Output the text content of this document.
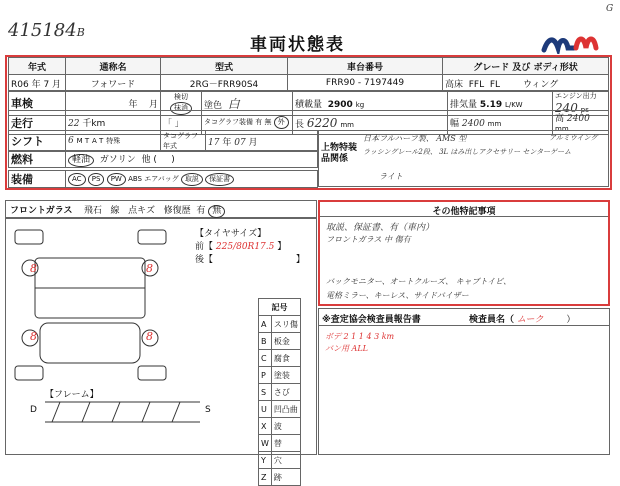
415184B
車両状態表
G
年式	通称名	型式	車台番号	グレード 及び ボディ形状
R06 年 7 月	フォワード	2RG－FRR90S4	FRR90 - 7197449	高床 FFL FL ウィング
車検	年 月	検切 抹消	塗色 白	積載量 2900 kg	排気量 5.19 L/KW	エンジン出力 240 ps
走行	22 千km	「 」	タコグラフ装備 有 無 外	長 6220 mm	幅 2400 mm	高 2400 mm
シフト	6 M T A T 特殊	タコグラフ年式	17 年 07 月
燃料	軽油 ガソリン 他 ( )
装備	AC PS PW ABS エアバッグ 取説 保証書
上物特装品関係
日本フルハーフ製、 AMS 型	アルミウイング
ラッシングレール2段、 3L はみ出しアクセサリー センターゲーム
ライト
フロントガラス 飛石 線 点キズ 修復歴 有 無
8	8
8	8
【タイヤサイズ】
前【 225/80R17.5 】
後【	】
記号	
A	スリ傷
B	板金
C	腐食
P	塗装
S	さび
U	凹凸曲
X	波
W	替
Y	穴
Z	跡
【フレーム】
D	S
その他特記事項
取説、保証書、有（車内）
フロントガラス 中 傷有
バックモニター、オートクルーズ、 キャブトイビ、
電格ミラー、キーレス、サイドバイザー
※査定協会検査員報告書	検査員名（ ムーク	）
ボデ 2 1 1 4 3 km
バン用 ALL
